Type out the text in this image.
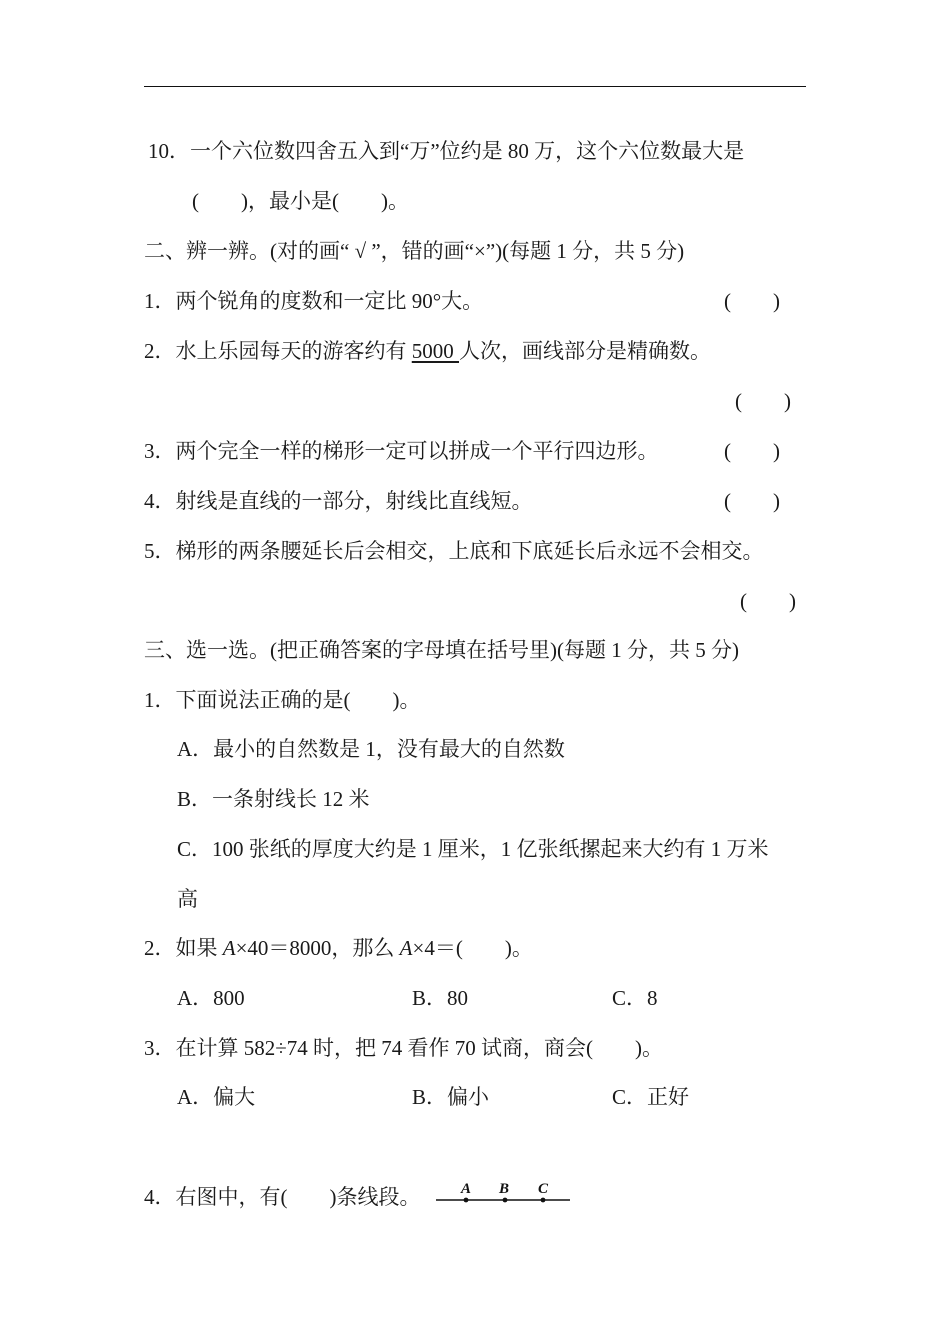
10．一个六位数四舍五入到“万”位约是 80 万，这个六位数最大是
(　　)，最小是(　　)。
二、辨一辨。(对的画“ √ ”，错的画“×”)(每题 1 分，共 5 分)
1．两个锐角的度数和一定比 90°大。	(　　)
2．水上乐园每天的游客约有 5000 人次，画线部分是精确数。
(　　)
3．两个完全一样的梯形一定可以拼成一个平行四边形。	(　　)
4．射线是直线的一部分，射线比直线短。	(　　)
5．梯形的两条腰延长后会相交，上底和下底延长后永远不会相交。
(　　)
三、选一选。(把正确答案的字母填在括号里)(每题 1 分，共 5 分)
1．下面说法正确的是(　　)。
A．最小的自然数是 1，没有最大的自然数
B．一条射线长 12 米
C．100 张纸的厚度大约是 1 厘米，1 亿张纸摞起来大约有 1 万米
高
2．如果 A×40＝8000，那么 A×4＝(　　)。
A．800	B．80	C．8
3．在计算 582÷74 时，把 74 看作 70 试商，商会(　　)。
A．偏大	B．偏小	C．正好
4．右图中，有(　　)条线段。	A B C
